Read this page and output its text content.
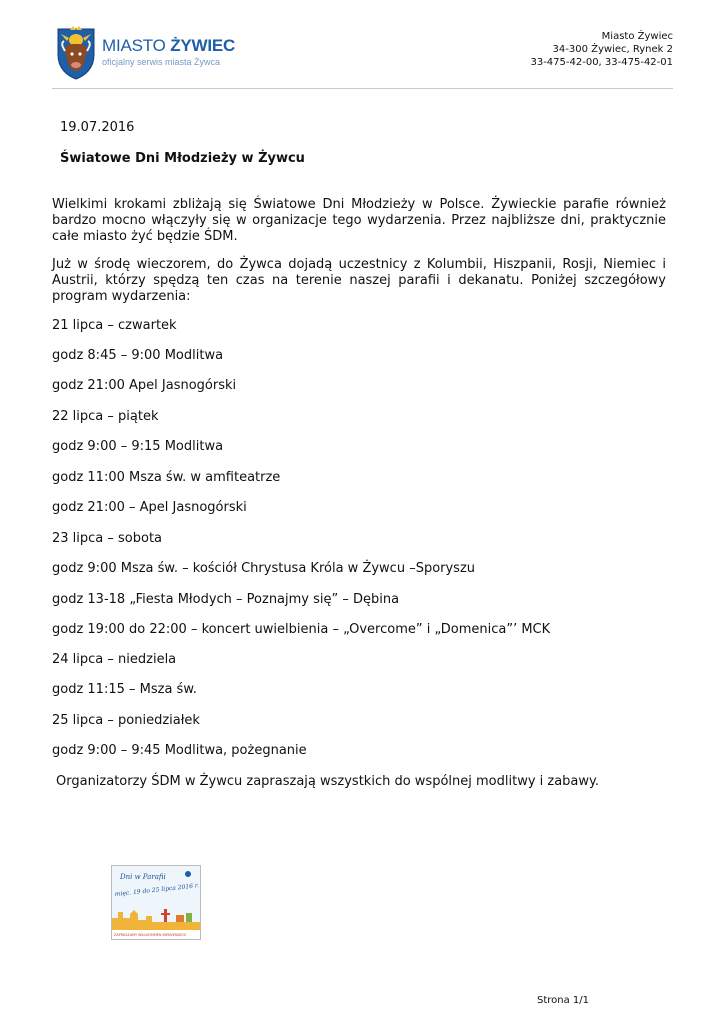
MIASTO ŻYWIEC
oficjalny serwis miasta Żywca
Miasto Żywiec
34-300 Żywiec, Rynek 2
33-475-42-00, 33-475-42-01
19.07.2016
Światowe Dni Młodzieży w Żywcu
Wielkimi krokami zbliżają się Światowe Dni Młodzieży w Polsce. Żywieckie parafie również bardzo mocno włączyły się w organizacje tego wydarzenia. Przez najbliższe dni, praktycznie całe miasto żyć będzie ŚDM.
Już w środę wieczorem, do Żywca dojadą uczestnicy z Kolumbii, Hiszpanii, Rosji, Niemiec i Austrii, którzy spędzą ten czas na terenie naszej parafii i dekanatu. Poniżej szczegółowy program wydarzenia:
21 lipca – czwartek
godz 8:45 – 9:00 Modlitwa
godz 21:00 Apel Jasnogórski
22 lipca – piątek
godz 9:00 – 9:15 Modlitwa
godz 11:00 Msza św. w amfiteatrze
godz 21:00 – Apel Jasnogórski
23 lipca – sobota
godz 9:00 Msza św. – kościół Chrystusa Króla w Żywcu –Sporyszu
godz 13-18 „Fiesta Młodych – Poznajmy się” – Dębina
godz 19:00 do 22:00 – koncert uwielbienia – „Overcome” i „Domenica”’ MCK
24 lipca – niedziela
godz 11:15 – Msza św.
25 lipca – poniedziałek
godz 9:00 – 9:45 Modlitwa, pożegnanie
Organizatorzy ŚDM w Żywcu zapraszają wszystkich do wspólnej modlitwy i zabawy.
Dni w Parafii
mięc. 19 do 25 lipca 2016 r.
ZAPRASZAMY WILLKOMMEN BIENVENIDOS
Strona 1/1
